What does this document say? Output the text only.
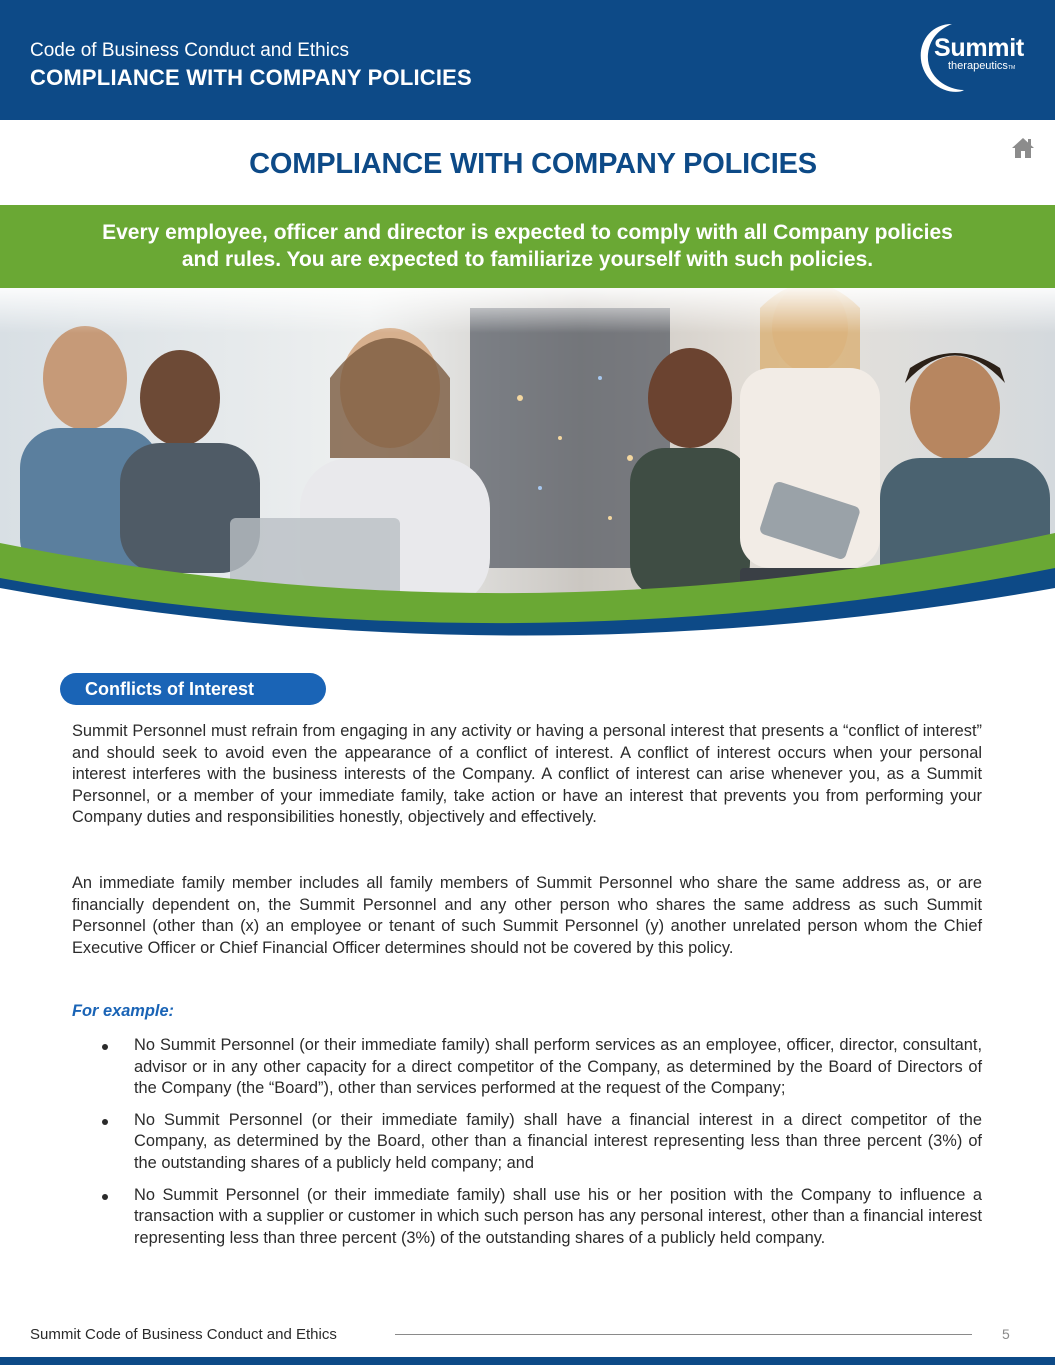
Code of Business Conduct and Ethics
COMPLIANCE WITH COMPANY POLICIES
Summit
therapeuticsTM
COMPLIANCE WITH COMPANY POLICIES
Every employee, officer and director is expected to comply with all Company policies
and rules. You are expected to familiarize yourself with such policies.
Conflicts of Interest
Summit Personnel must refrain from engaging in any activity or having a personal interest that presents a “conflict of interest” and should seek to avoid even the appearance of a conflict of interest. A conflict of interest occurs when your personal interest interferes with the business interests of the Company. A conflict of interest can arise whenever you, as a Summit Personnel, or a member of your immediate family, take action or have an interest that prevents you from performing your Company duties and responsibilities honestly, objectively and effectively.
An immediate family member includes all family members of Summit Personnel who share the same address as, or are financially dependent on, the Summit Personnel and any other person who shares the same address as such Summit Personnel (other than (x) an employee or tenant of such Summit Personnel (y) another unrelated person whom the Chief Executive Officer or Chief Financial Officer determines should not be covered by this policy.
For example:
No Summit Personnel (or their immediate family) shall perform services as an employee, officer, director, consultant, advisor or in any other capacity for a direct competitor of the Company, as determined by the Board of Directors of the Company (the “Board”), other than services performed at the request of the Company;
No Summit Personnel (or their immediate family) shall have a financial interest in a direct competitor of the Company, as determined by the Board, other than a financial interest representing less than three percent (3%) of the outstanding shares of a publicly held company; and
No Summit Personnel (or their immediate family) shall use his or her position with the Company to influence a transaction with a supplier or customer in which such person has any personal interest, other than a financial interest representing less than three percent (3%) of the outstanding shares of a publicly held company.
Summit Code of Business Conduct and Ethics	5
